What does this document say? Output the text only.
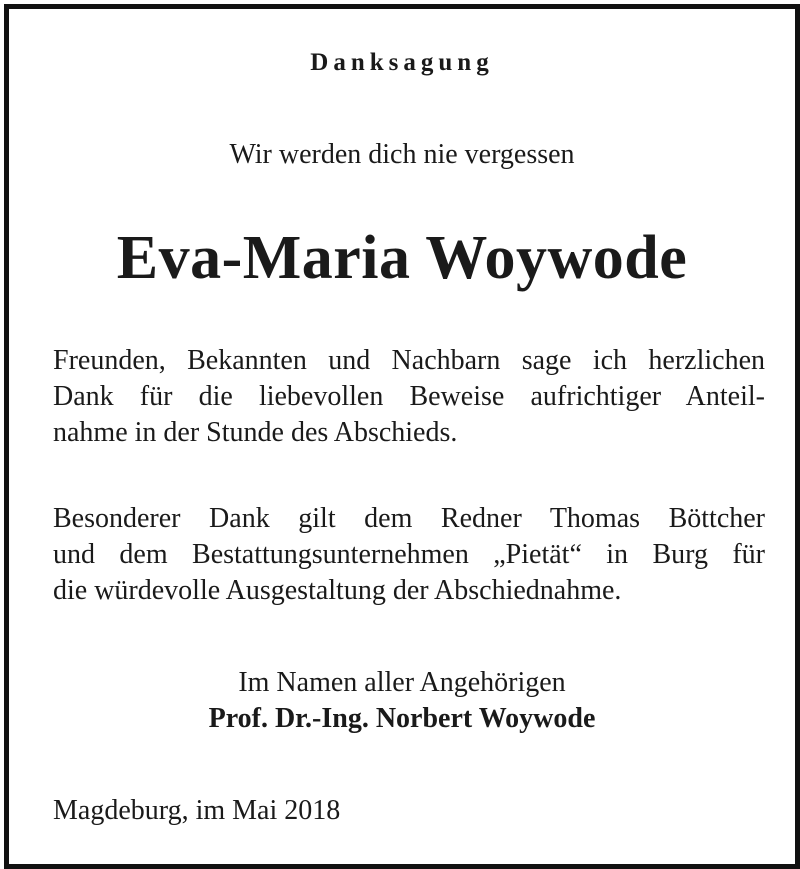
Danksagung
Wir werden dich nie vergessen
Eva-Maria Woywode
Freunden, Bekannten und Nachbarn sage ich herzlichen
Dank für die liebevollen Beweise aufrichtiger Anteil-
nahme in der Stunde des Abschieds.
Besonderer Dank gilt dem Redner Thomas Böttcher
und dem Bestattungsunternehmen „Pietät“ in Burg für
die würdevolle Ausgestaltung der Abschiednahme.
Im Namen aller Angehörigen
Prof. Dr.-Ing. Norbert Woywode
Magdeburg, im Mai 2018
